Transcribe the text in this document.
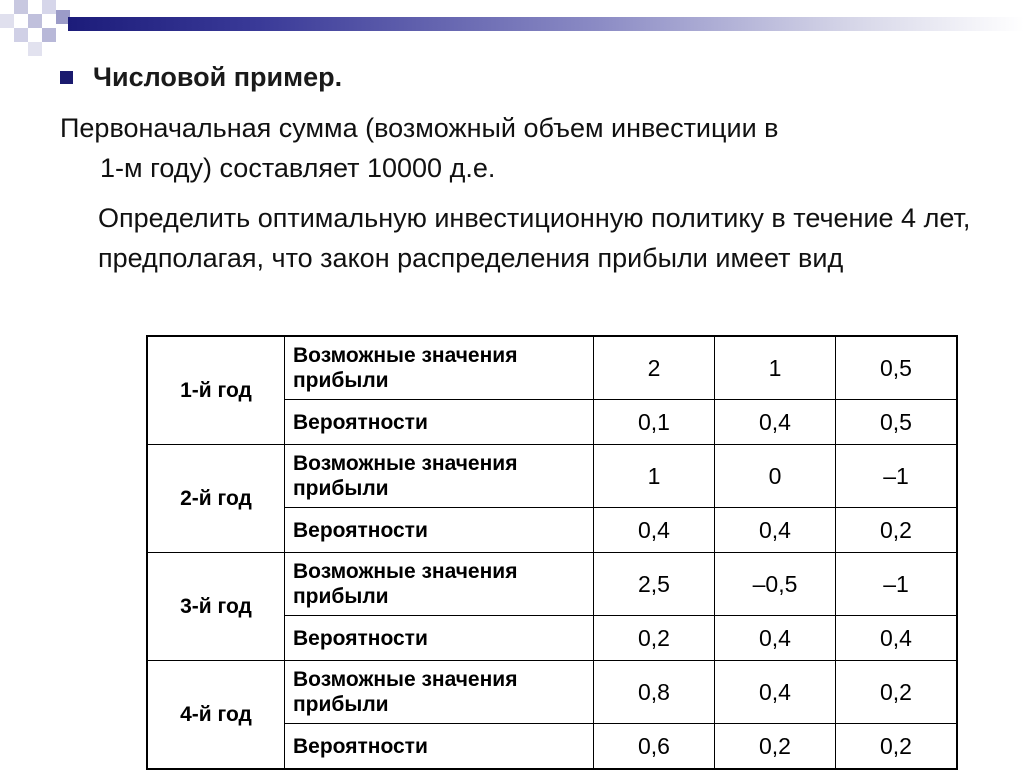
Числовой пример.
Первоначальная сумма (возможный объем инвестиции в
1-м году) составляет 10000 д.е.
Определить оптимальную инвестиционную политику в течение 4 лет, предполагая, что закон распределения прибыли имеет вид
1-й год	Возможные значения прибыли	2	1	0,5
	Вероятности	0,1	0,4	0,5
2-й год	Возможные значения прибыли	1	0	–1
	Вероятности	0,4	0,4	0,2
3-й год	Возможные значения прибыли	2,5	–0,5	–1
	Вероятности	0,2	0,4	0,4
4-й год	Возможные значения прибыли	0,8	0,4	0,2
	Вероятности	0,6	0,2	0,2
